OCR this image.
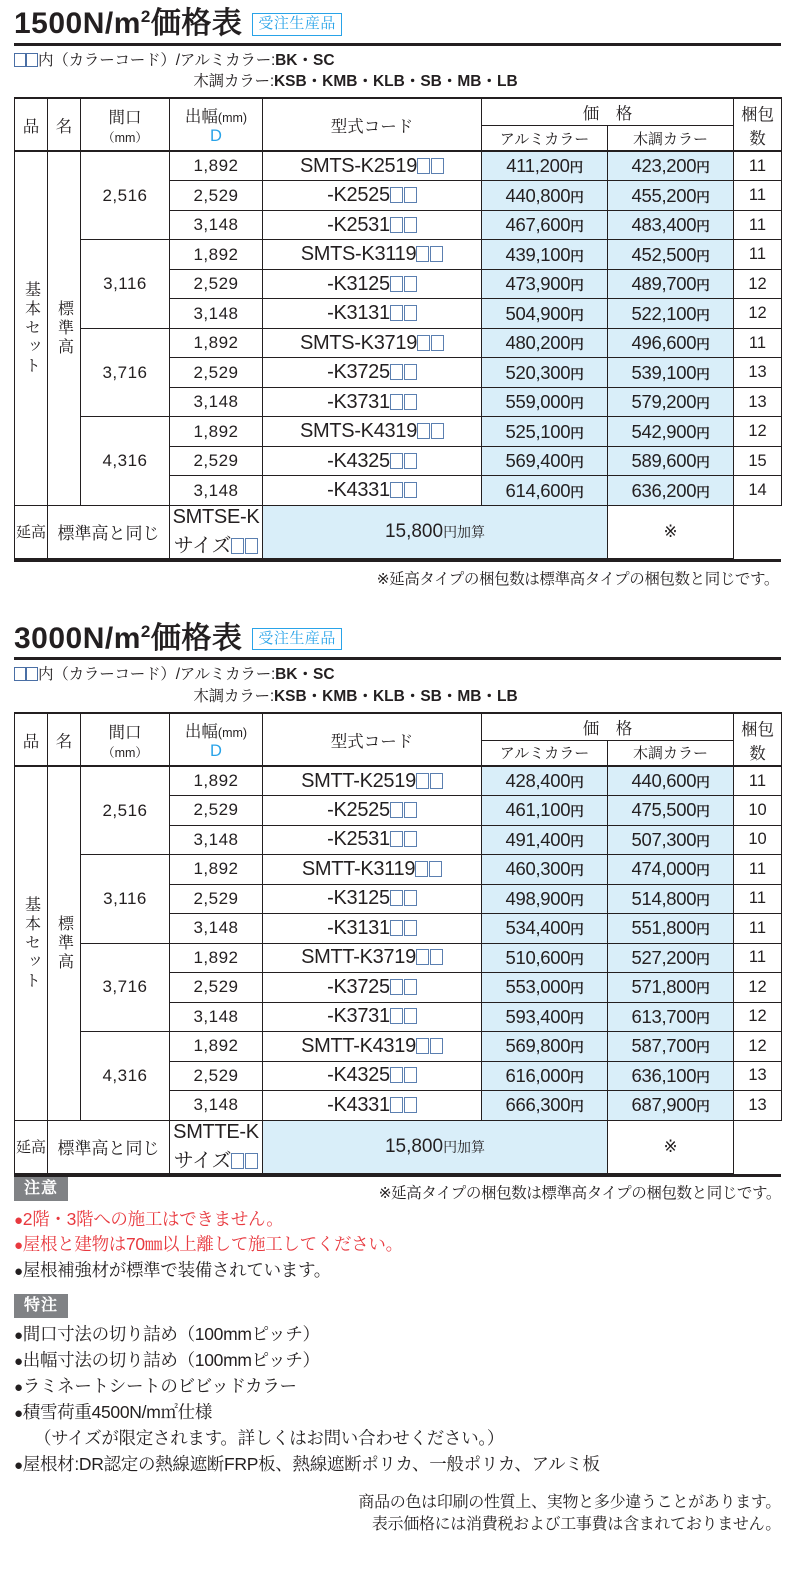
$1500N/m^2$価格表	受注生産品
内（カラーコード）/アルミカラー:BK・SC
木調カラー:KSB・KMB・KLB・SB・MB・LB
品	名	間口
（mm）

出幅(mm)
D
	型式コード	価　格	梱包
数

					アルミカラー	木調カラー	
基本セット	標準高	2,516	1,892	SMTS-K2519	411,200円	423,200円	11
			2,529	-K2525	440,800円	455,200円	11
			3,148	-K2531	467,600円	483,400円	11
		3,116	1,892	SMTS-K3119	439,100円	452,500円	11
			2,529	-K3125	473,900円	489,700円	12
			3,148	-K3131	504,900円	522,100円	12
		3,716	1,892	SMTS-K3719	480,200円	496,600円	11
			2,529	-K3725	520,300円	539,100円	13
			3,148	-K3731	559,000円	579,200円	13
		4,316	1,892	SMTS-K4319	525,100円	542,900円	12
			2,529	-K4325	569,400円	589,600円	15
			3,148	-K4331	614,600円	636,200円	14
延高	標準高と同じ		SMTSE-Kサイズ	15,800円加算		※	
※延高タイプの梱包数は標準高タイプの梱包数と同じです。
$3000N/m^2$価格表	受注生産品
内（カラーコード）/アルミカラー:BK・SC
木調カラー:KSB・KMB・KLB・SB・MB・LB
品	名	間口
（mm）

出幅(mm)
D
	型式コード	価　格	梱包
数

					アルミカラー	木調カラー	
基本セット	標準高	2,516	1,892	SMTT-K2519	428,400円	440,600円	11
			2,529	-K2525	461,100円	475,500円	10
			3,148	-K2531	491,400円	507,300円	10
		3,116	1,892	SMTT-K3119	460,300円	474,000円	11
			2,529	-K3125	498,900円	514,800円	11
			3,148	-K3131	534,400円	551,800円	11
		3,716	1,892	SMTT-K3719	510,600円	527,200円	11
			2,529	-K3725	553,000円	571,800円	12
			3,148	-K3731	593,400円	613,700円	12
		4,316	1,892	SMTT-K4319	569,800円	587,700円	12
			2,529	-K4325	616,000円	636,100円	13
			3,148	-K4331	666,300円	687,900円	13
延高	標準高と同じ		SMTTE-Kサイズ	15,800円加算		※	
注意	※延高タイプの梱包数は標準高タイプの梱包数と同じです。
●2階・3階への施工はできません。
●屋根と建物は70㎜以上離して施工してください。
●屋根補強材が標準で装備されています。
特注
●間口寸法の切り詰め（100mmピッチ）
●出幅寸法の切り詰め（100mmピッチ）
●ラミネートシートのビビッドカラー
●積雪荷重4500N/m㎡仕様
（サイズが限定されます。詳しくはお問い合わせください。）
●屋根材:DR認定の熱線遮断FRP板、熱線遮断ポリカ、一般ポリカ、アルミ板
商品の色は印刷の性質上、実物と多少違うことがあります。
表示価格には消費税および工事費は含まれておりません。
